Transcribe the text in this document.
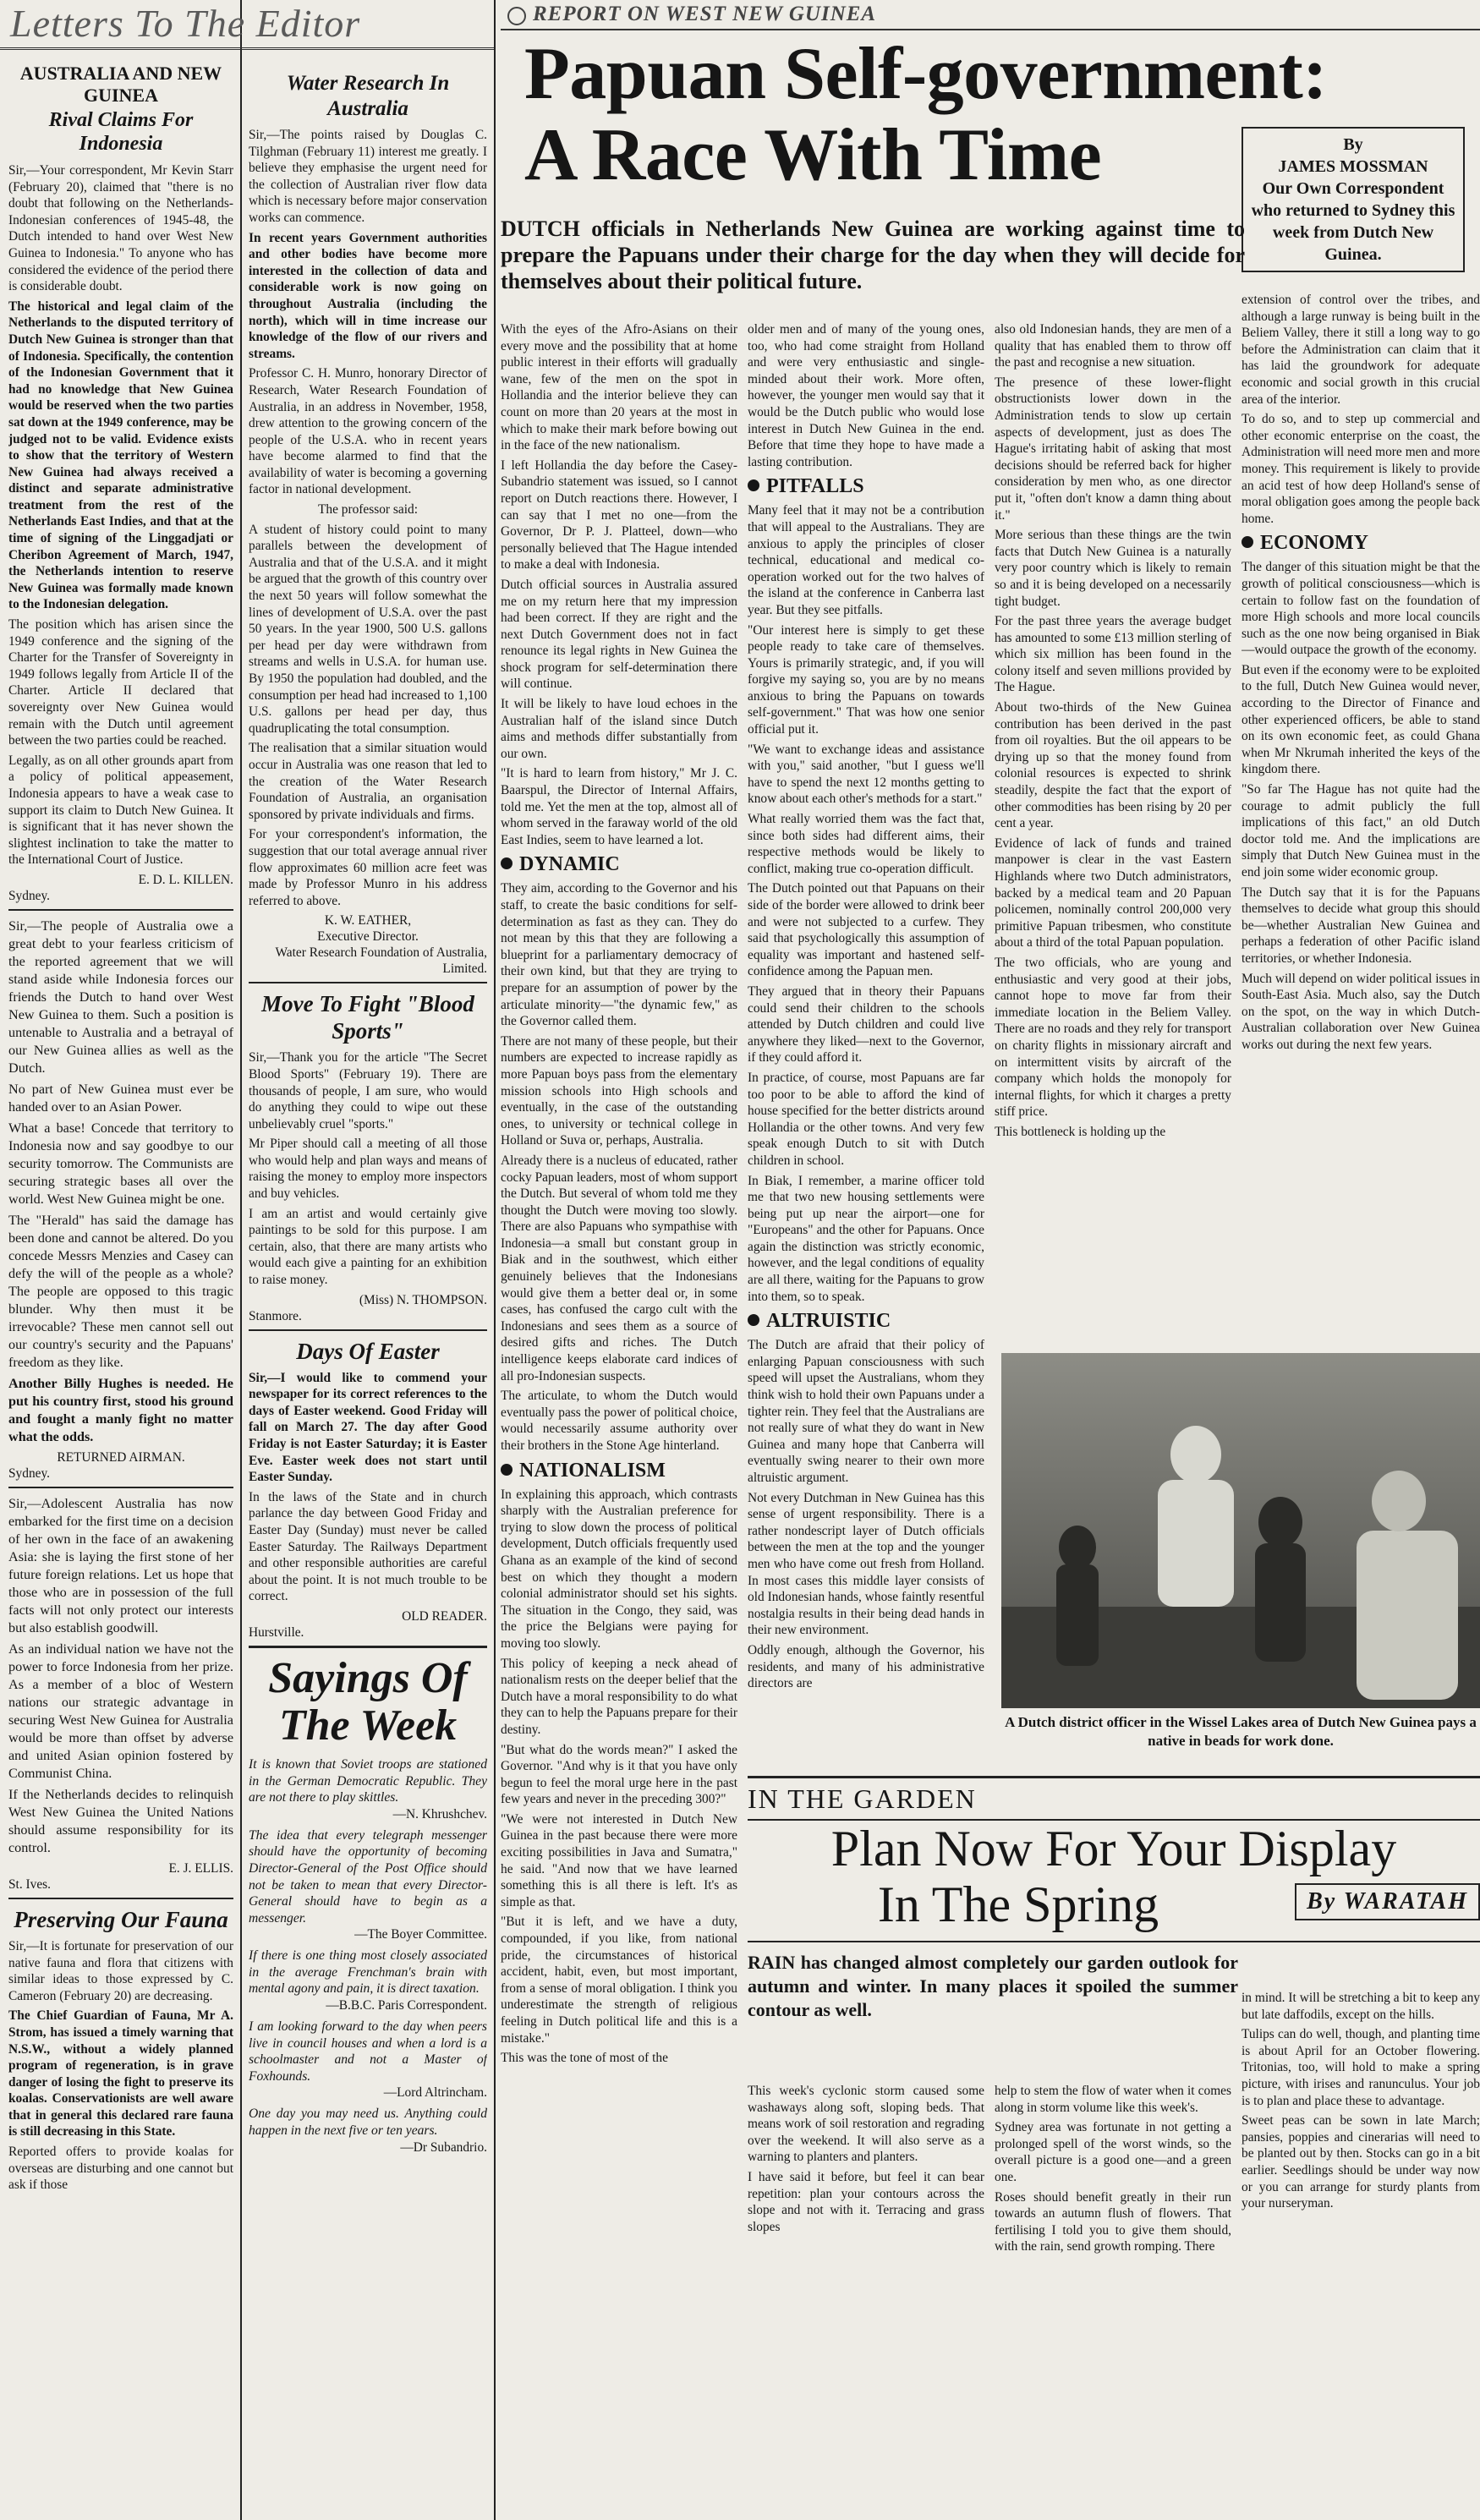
Letters To The Editor
AUSTRALIA AND NEW GUINEA
Rival Claims For Indonesia

Sir,—Your correspondent, Mr Kevin Starr (February 20), claimed that "there is no doubt that following on the Netherlands-Indonesian conferences of 1945-48, the Dutch intended to hand over West New Guinea to Indonesia." To anyone who has considered the evidence of the period there is considerable doubt.

The historical and legal claim of the Netherlands to the disputed territory of Dutch New Guinea is stronger than that of Indonesia. Specifically, the contention of the Indonesian Government that it had no knowledge that New Guinea would be reserved when the two parties sat down at the 1949 conference, may be judged not to be valid. Evidence exists to show that the territory of Western New Guinea had always received a distinct and separate administrative treatment from the rest of the Netherlands East Indies, and that at the time of signing of the Linggadjati or Cheribon Agreement of March, 1947, the Netherlands intention to reserve New Guinea was formally made known to the Indonesian delegation.

The position which has arisen since the 1949 conference and the signing of the Charter for the Transfer of Sovereignty in 1949 follows legally from Article II of the Charter. Article II declared that sovereignty over New Guinea would remain with the Dutch until agreement between the two parties could be reached.

Legally, as on all other grounds apart from a policy of political appeasement, Indonesia appears to have a weak case to support its claim to Dutch New Guinea. It is significant that it has never shown the slightest inclination to take the matter to the International Court of Justice.

E. D. L. KILLEN.

Sydney.

Sir,—The people of Australia owe a great debt to your fearless criticism of the reported agreement that we will stand aside while Indonesia forces our friends the Dutch to hand over West New Guinea to them. Such a position is untenable to Australia and a betrayal of our New Guinea allies as well as the Dutch.

No part of New Guinea must ever be handed over to an Asian Power.

What a base! Concede that territory to Indonesia now and say goodbye to our security tomorrow. The Communists are securing strategic bases all over the world. West New Guinea might be one.

The "Herald" has said the damage has been done and cannot be altered. Do you concede Messrs Menzies and Casey can defy the will of the people as a whole? The people are opposed to this tragic blunder. Why then must it be irrevocable? These men cannot sell out our country's security and the Papuans' freedom as they like.

Another Billy Hughes is needed. He put his country first, stood his ground and fought a manly fight no matter what the odds.

RETURNED AIRMAN.

Sydney.

Sir,—Adolescent Australia has now embarked for the first time on a decision of her own in the face of an awakening Asia: she is laying the first stone of her future foreign relations. Let us hope that those who are in possession of the full facts will not only protect our interests but also establish goodwill.

As an individual nation we have not the power to force Indonesia from her prize. As a member of a bloc of Western nations our strategic advantage in securing West New Guinea for Australia would be more than offset by adverse and united Asian opinion fostered by Communist China.

If the Netherlands decides to relinquish West New Guinea the United Nations should assume responsibility for its control.

E. J. ELLIS.

St. Ives.

Preserving Our Fauna

Sir,—It is fortunate for preservation of our native fauna and flora that citizens with similar ideas to those expressed by C. Cameron (February 20) are decreasing.

The Chief Guardian of Fauna, Mr A. Strom, has issued a timely warning that N.S.W., without a widely planned program of regeneration, is in grave danger of losing the fight to preserve its koalas. Conservationists are well aware that in general this declared rare fauna is still decreasing in this State.

Reported offers to provide koalas for overseas are disturbing and one cannot but ask if those

Water Research In Australia

Sir,—The points raised by Douglas C. Tilghman (February 11) interest me greatly. I believe they emphasise the urgent need for the collection of Australian river flow data which is necessary before major conservation works can commence.

In recent years Government authorities and other bodies have become more interested in the collection of data and considerable work is now going on throughout Australia (including the north), which will in time increase our knowledge of the flow of our rivers and streams.

Professor C. H. Munro, honorary Director of Research, Water Research Foundation of Australia, in an address in November, 1958, drew attention to the growing concern of the people of the U.S.A. who in recent years have become alarmed to find that the availability of water is becoming a governing factor in national development.

The professor said:

A student of history could point to many parallels between the development of Australia and that of the U.S.A. and it might be argued that the growth of this country over the next 50 years will follow somewhat the lines of development of U.S.A. over the past 50 years. In the year 1900, 500 U.S. gallons per head per day were withdrawn from streams and wells in U.S.A. for human use. By 1950 the population had doubled, and the consumption per head had increased to 1,100 U.S. gallons per head per day, thus quadruplicating the total consumption.

The realisation that a similar situation would occur in Australia was one reason that led to the creation of the Water Research Foundation of Australia, an organisation sponsored by private individuals and firms.

For your correspondent's information, the suggestion that our total average annual river flow approximates 60 million acre feet was made by Professor Munro in his address referred to above.

K. W. EATHER,

Executive Director.

Water Research Foundation of Australia, Limited.

Move To Fight "Blood Sports"

Sir,—Thank you for the article "The Secret Blood Sports" (February 19). There are thousands of people, I am sure, who would do anything they could to wipe out these unbelievably cruel "sports."

Mr Piper should call a meeting of all those who would help and plan ways and means of raising the money to employ more inspectors and buy vehicles.

I am an artist and would certainly give paintings to be sold for this purpose. I am certain, also, that there are many artists who would each give a painting for an exhibition to raise money.

(Miss) N. THOMPSON.

Stanmore.

Days Of Easter

Sir,—I would like to commend your newspaper for its correct references to the days of Easter weekend. Good Friday will fall on March 27. The day after Good Friday is not Easter Saturday; it is Easter Eve. Easter week does not start until Easter Sunday.

In the laws of the State and in church parlance the day between Good Friday and Easter Day (Sunday) must never be called Easter Saturday. The Railways Department and other responsible authorities are careful about the point. It is not much trouble to be correct.

OLD READER.

Hurstville.

Sayings Of The Week

It is known that Soviet troops are stationed in the German Democratic Republic. They are not there to play skittles.

—N. Khrushchev.

The idea that every telegraph messenger should have the opportunity of becoming Director-General of the Post Office should not be taken to mean that every Director-General should have to begin as a messenger.

—The Boyer Committee.

If there is one thing most closely associated in the average Frenchman's brain with mental agony and pain, it is direct taxation.

—B.B.C. Paris Correspondent.

I am looking forward to the day when peers live in council houses and when a lord is a schoolmaster and not a Master of Foxhounds.

—Lord Altrincham.

One day you may need us. Anything could happen in the next five or ten years.

—Dr Subandrio.

REPORT ON WEST NEW GUINEA
Papuan Self-government:
A Race With Time	By
JAMES MOSSMAN
Our Own Correspondent who returned to Sydney this week from Dutch New Guinea.

DUTCH officials in Netherlands New Guinea are working against time to prepare the Papuans under their charge for the day when they will decide for themselves about their political future.

With the eyes of the Afro-Asians on their every move and the possibility that at home public interest in their efforts will gradually wane, few of the men on the spot in Hollandia and the interior believe they can count on more than 20 years at the most in which to make their mark before bowing out in the face of the new nationalism.

I left Hollandia the day before the Casey-Subandrio statement was issued, so I cannot report on Dutch reactions there. However, I can say that I met no one—from the Governor, Dr P. J. Platteel, down—who personally believed that The Hague intended to make a deal with Indonesia.

Dutch official sources in Australia assured me on my return here that my impression had been correct. If they are right and the next Dutch Government does not in fact renounce its legal rights in New Guinea the shock program for self-determination there will continue.

It will be likely to have loud echoes in the Australian half of the island since Dutch aims and methods differ substantially from our own.

"It is hard to learn from history," Mr J. C. Baarspul, the Director of Internal Affairs, told me. Yet the men at the top, almost all of whom served in the faraway world of the old East Indies, seem to have learned a lot.

DYNAMIC

They aim, according to the Governor and his staff, to create the basic conditions for self-determination as fast as they can. They do not mean by this that they are following a blueprint for a parliamentary democracy of their own kind, but that they are trying to prepare for an assumption of power by the articulate minority—"the dynamic few," as the Governor called them.

There are not many of these people, but their numbers are expected to increase rapidly as more Papuan boys pass from the elementary mission schools into High schools and eventually, in the case of the outstanding ones, to university or technical college in Holland or Suva or, perhaps, Australia.

Already there is a nucleus of educated, rather cocky Papuan leaders, most of whom support the Dutch. But several of whom told me they thought the Dutch were moving too slowly. There are also Papuans who sympathise with Indonesia—a small but constant group in Biak and in the southwest, which either genuinely believes that the Indonesians would give them a better deal or, in some cases, has confused the cargo cult with the Indonesians and sees them as a source of desired gifts and riches. The Dutch intelligence keeps elaborate card indices of all pro-Indonesian suspects.

The articulate, to whom the Dutch would eventually pass the power of political choice, would necessarily assume authority over their brothers in the Stone Age hinterland.

NATIONALISM

In explaining this approach, which contrasts sharply with the Australian preference for trying to slow down the process of political development, Dutch officials frequently used Ghana as an example of the kind of second best on which they thought a modern colonial administrator should set his sights. The situation in the Congo, they said, was the price the Belgians were paying for moving too slowly.

This policy of keeping a neck ahead of nationalism rests on the deeper belief that the Dutch have a moral responsibility to do what they can to help the Papuans prepare for their destiny.

"But what do the words mean?" I asked the Governor. "And why is it that you have only begun to feel the moral urge here in the past few years and never in the preceding 300?"

"We were not interested in Dutch New Guinea in the past because there were more exciting possibilities in Java and Sumatra," he said. "And now that we have learned something this is all there is left. It's as simple as that.

"But it is left, and we have a duty, compounded, if you like, from national pride, the circumstances of historical accident, habit, even, but most important, from a sense of moral obligation. I think you underestimate the strength of religious feeling in Dutch political life and this is a mistake."

This was the tone of most of the

older men and of many of the young ones, too, who had come straight from Holland and were very enthusiastic and single-minded about their work. More often, however, the younger men would say that it would be the Dutch public who would lose interest in Dutch New Guinea in the end. Before that time they hope to have made a lasting contribution.

PITFALLS

Many feel that it may not be a contribution that will appeal to the Australians. They are anxious to apply the principles of closer technical, educational and medical co-operation worked out for the two halves of the island at the conference in Canberra last year. But they see pitfalls.

"Our interest here is simply to get these people ready to take care of themselves. Yours is primarily strategic, and, if you will forgive my saying so, you are by no means anxious to bring the Papuans on towards self-government." That was how one senior official put it.

"We want to exchange ideas and assistance with you," said another, "but I guess we'll have to spend the next 12 months getting to know about each other's methods for a start."

What really worried them was the fact that, since both sides had different aims, their respective methods would be likely to conflict, making true co-operation difficult.

The Dutch pointed out that Papuans on their side of the border were allowed to drink beer and were not subjected to a curfew. They said that psychologically this assumption of equality was important and hastened self-confidence among the Papuan men.

They argued that in theory their Papuans could send their children to the schools attended by Dutch children and could live anywhere they liked—next to the Governor, if they could afford it.

In practice, of course, most Papuans are far too poor to be able to afford the kind of house specified for the better districts around Hollandia or the other towns. And very few speak enough Dutch to sit with Dutch children in school.

In Biak, I remember, a marine officer told me that two new housing settlements were being put up near the airport—one for "Europeans" and the other for Papuans. Once again the distinction was strictly economic, however, and the legal conditions of equality are all there, waiting for the Papuans to grow into them, so to speak.

ALTRUISTIC

The Dutch are afraid that their policy of enlarging Papuan consciousness with such speed will upset the Australians, whom they think wish to hold their own Papuans under a tighter rein. They feel that the Australians are not really sure of what they do want in New Guinea and many hope that Canberra will eventually swing nearer to their own more altruistic argument.

Not every Dutchman in New Guinea has this sense of urgent responsibility. There is a rather nondescript layer of Dutch officials between the men at the top and the younger men who have come out fresh from Holland. In most cases this middle layer consists of old Indonesian hands, whose faintly resentful nostalgia results in their being dead hands in their new environment.

Oddly enough, although the Governor, his residents, and many of his administrative directors are

also old Indonesian hands, they are men of a quality that has enabled them to throw off the past and recognise a new situation.

The presence of these lower-flight obstructionists lower down in the Administration tends to slow up certain aspects of development, just as does The Hague's irritating habit of asking that most decisions should be referred back for higher consideration by men who, as one director put it, "often don't know a damn thing about it."

More serious than these things are the twin facts that Dutch New Guinea is a naturally very poor country which is likely to remain so and it is being developed on a necessarily tight budget.

For the past three years the average budget has amounted to some £13 million sterling of which six million has been found in the colony itself and seven millions provided by The Hague.

About two-thirds of the New Guinea contribution has been derived in the past from oil royalties. But the oil appears to be drying up so that the money found from colonial resources is expected to shrink steadily, despite the fact that the export of other commodities has been rising by 20 per cent a year.

Evidence of lack of funds and trained manpower is clear in the vast Eastern Highlands where two Dutch administrators, backed by a medical team and 20 Papuan policemen, nominally control 200,000 very primitive Papuan tribesmen, who constitute about a third of the total Papuan population.

The two officials, who are young and enthusiastic and very good at their jobs, cannot hope to move far from their immediate location in the Beliem Valley. There are no roads and they rely for transport on charity flights in missionary aircraft and on intermittent visits by aircraft of the company which holds the monopoly for internal flights, for which it charges a pretty stiff price.

This bottleneck is holding up the

extension of control over the tribes, and although a large runway is being built in the Beliem Valley, there it still a long way to go before the Administration can claim that it has laid the groundwork for adequate economic and social growth in this crucial area of the interior.

To do so, and to step up commercial and other economic enterprise on the coast, the Administration will need more men and more money. This requirement is likely to provide an acid test of how deep Holland's sense of moral obligation goes among the people back home.

ECONOMY

The danger of this situation might be that the growth of political consciousness—which is certain to follow fast on the foundation of more High schools and more local councils such as the one now being organised in Biak—would outpace the growth of the economy.

But even if the economy were to be exploited to the full, Dutch New Guinea would never, according to the Director of Finance and other experienced officers, be able to stand on its own economic feet, as could Ghana when Mr Nkrumah inherited the keys of the kingdom there.

"So far The Hague has not quite had the courage to admit publicly the full implications of this fact," an old Dutch doctor told me. And the implications are simply that Dutch New Guinea must in the end join some wider economic group.

The Dutch say that it is for the Papuans themselves to decide what group this should be—whether Australian New Guinea and perhaps a federation of other Pacific island territories, or whether Indonesia.

Much will depend on wider political issues in South-East Asia. Much also, say the Dutch on the spot, on the way in which Dutch-Australian collaboration over New Guinea works out during the next few years.

A Dutch district officer in the Wissel Lakes area of Dutch New Guinea pays a native in beads for work done.

IN THE GARDEN
Plan Now For Your Display
In The Spring	By WARATAH

RAIN has changed almost completely our garden outlook for autumn and winter. In many places it spoiled the summer contour as well.

This week's cyclonic storm caused some washaways along soft, sloping beds. That means work of soil restoration and regrading over the weekend. It will also serve as a warning to planters and planters.

I have said it before, but feel it can bear repetition: plan your contours across the slope and not with it. Terracing and grass slopes

help to stem the flow of water when it comes along in storm volume like this week's.

Sydney area was fortunate in not getting a prolonged spell of the worst winds, so the overall picture is a good one—and a green one.

Roses should benefit greatly in their run towards an autumn flush of flowers. That fertilising I told you to give them should, with the rain, send growth romping. There

in mind. It will be stretching a bit to keep any but late daffodils, except on the hills.

Tulips can do well, though, and planting time is about April for an October flowering. Tritonias, too, will hold to make a spring picture, with irises and ranunculus. Your job is to plan and place these to advantage.

Sweet peas can be sown in late March; pansies, poppies and cinerarias will need to be planted out by then. Stocks can go in a bit earlier. Seedlings should be under way now or you can arrange for sturdy plants from your nurseryman.
